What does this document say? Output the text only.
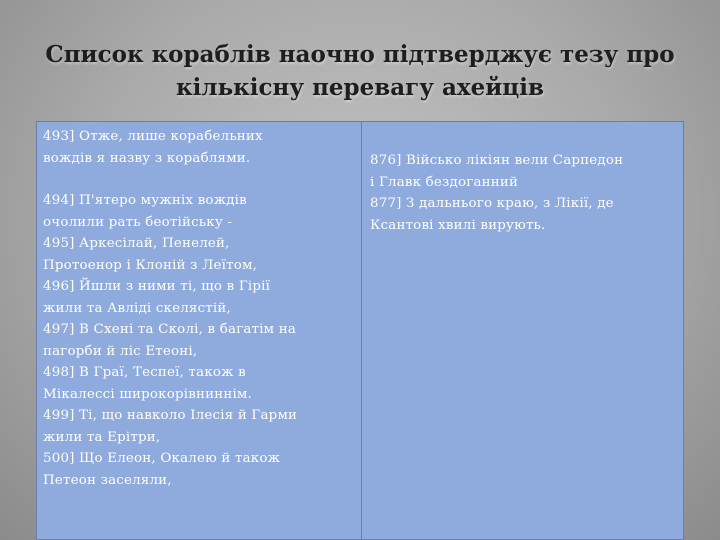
Список кораблів наочно підтверджує тезу про
кількісну перевагу ахейців
493] Отже, лише корабельних
вождів я назву з кораблями.
494] П'ятеро мужніх вождів
очолили рать беотійську -
495] Аркесілай, Пенелей,
Протоенор і Клоній з Леїтом,
496] Йшли з ними ті, що в Гірії
жили та Авліді скелястій,
497] В Схені та Сколі, в багатім на
пагорби й ліс Етеоні,
498] В Граї, Теспеї, також в
Мікалессі широкорівниннім.
499] Ті, що навколо Ілесія й Гарми
жили та Ерітри,
500] Що Елеон, Окалею й також
Петеон заселяли,
876] Військо лікіян вели Сарпедон
і Главк бездоганний
877] З дальнього краю, з Лікії, де
Ксантові хвилі вирують.
